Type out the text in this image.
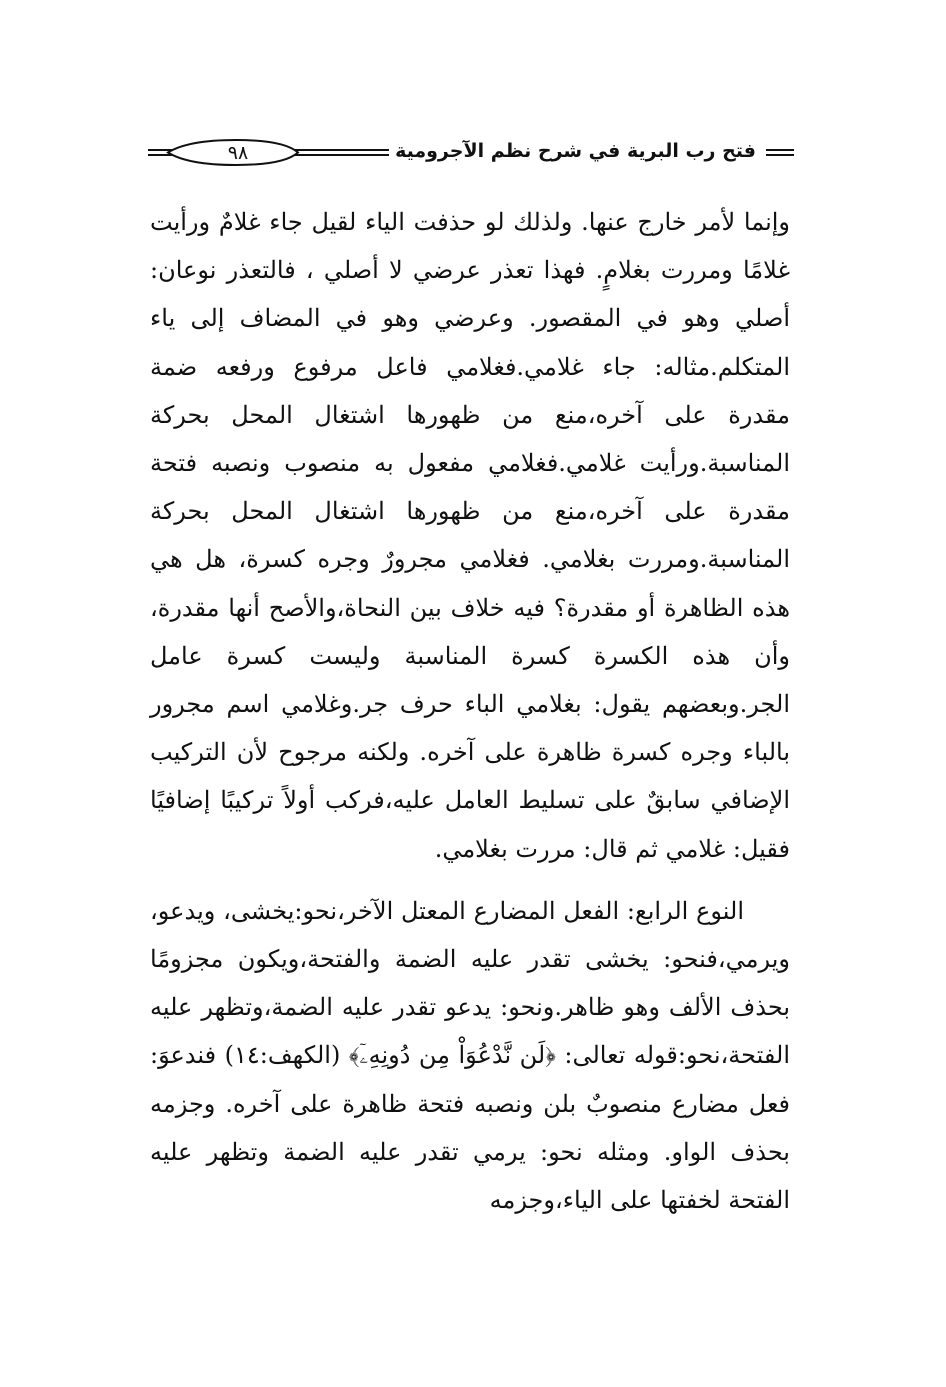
٩٨	فتح رب البرية في شرح نظم الآجرومية

وإنما لأمر خارج عنها. ولذلك لو حذفت الياء لقيل جاء غلامٌ ورأيت غلامًا ومررت بغلامٍ. فهذا تعذر عرضي لا أصلي ، فالتعذر نوعان: أصلي وهو في المقصور. وعرضي وهو في المضاف إلى ياء المتكلم.مثاله: جاء غلامي.فغلامي فاعل مرفوع ورفعه ضمة مقدرة على آخره،منع من ظهورها اشتغال المحل بحركة المناسبة.ورأيت غلامي.فغلامي مفعول به منصوب ونصبه فتحة مقدرة على آخره،منع من ظهورها اشتغال المحل بحركة المناسبة.ومررت بغلامي. فغلامي مجرورٌ وجره كسرة، هل هي هذه الظاهرة أو مقدرة؟ فيه خلاف بين النحاة،والأصح أنها مقدرة، وأن هذه الكسرة كسرة المناسبة وليست كسرة عامل الجر.وبعضهم يقول: بغلامي الباء حرف جر.وغلامي اسم مجرور بالباء وجره كسرة ظاهرة على آخره. ولكنه مرجوح لأن التركيب الإضافي سابقٌ على تسليط العامل عليه،فركب أولاً تركيبًا إضافيًا فقيل: غلامي ثم قال: مررت بغلامي.

النوع الرابع: الفعل المضارع المعتل الآخر،نحو:يخشى، ويدعو، ويرمي،فنحو: يخشى تقدر عليه الضمة والفتحة،ويكون مجزومًا بحذف الألف وهو ظاهر.ونحو: يدعو تقدر عليه الضمة،وتظهر عليه الفتحة،نحو:قوله تعالى: ﴿لَن نَّدْعُوَاْ مِن دُونِهِۦٓ﴾ (الكهف:١٤) فندعوَ: فعل مضارع منصوبٌ بلن ونصبه فتحة ظاهرة على آخره. وجزمه بحذف الواو. ومثله نحو: يرمي تقدر عليه الضمة وتظهر عليه الفتحة لخفتها على الياء،وجزمه
